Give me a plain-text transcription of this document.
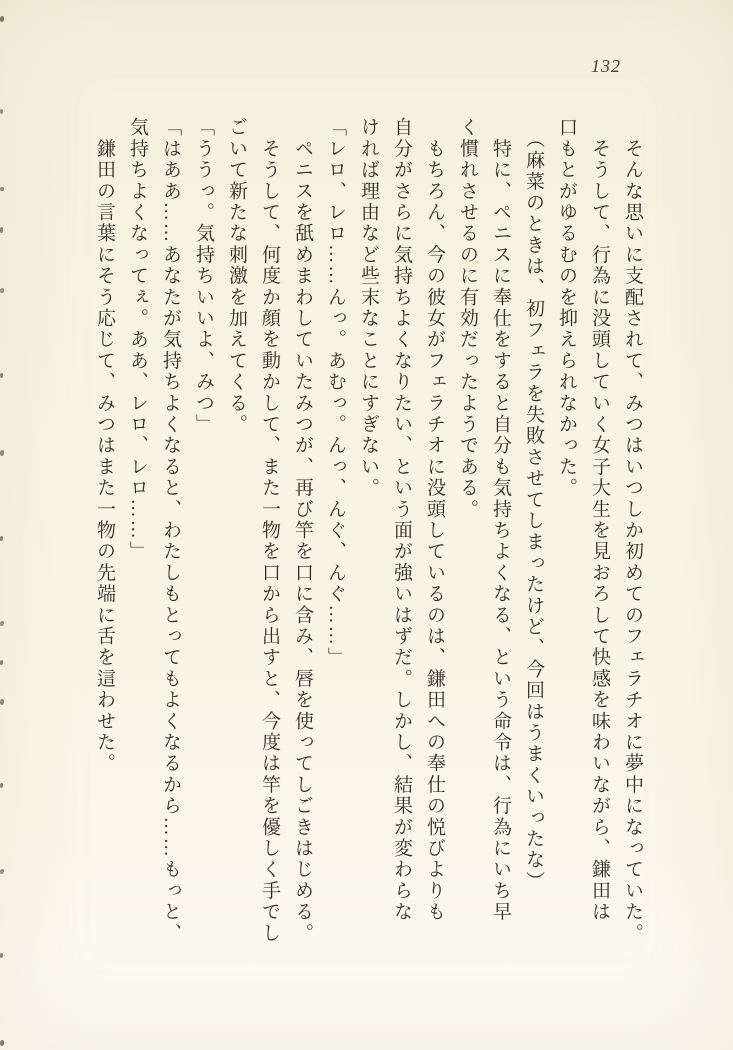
132

　そんな思いに支配されて、みつはいつしか初めてのフェラチオに夢中になっていた。

　そうして、行為に没頭していく女子大生を見おろして快感を味わいながら、鎌田は

口もとがゆるむのを抑えられなかった。

　（麻菜のときは、初フェラを失敗させてしまったけど、今回はうまくいったな）

　特に、ペニスに奉仕をすると自分も気持ちよくなる、という命令は、行為にいち早

く慣れさせるのに有効だったようである。

　もちろん、今の彼女がフェラチオに没頭しているのは、鎌田への奉仕の悦びよりも

自分がさらに気持ちよくなりたい、という面が強いはずだ。しかし、結果が変わらな

ければ理由など些末なことにすぎない。

「レロ、レロ……んっ。あむっ。んっ、んぐ、んぐ……」

　ペニスを舐めまわしていたみつが、再び竿を口に含み、唇を使ってしごきはじめる。

　そうして、何度か顔を動かして、また一物を口から出すと、今度は竿を優しく手でし

ごいて新たな刺激を加えてくる。

「ううっ。気持ちいいよ、みつ」

「はああ……あなたが気持ちよくなると、わたしもとってもよくなるから……もっと、

気持ちよくなってぇ。ああ、レロ、レロ……」

　鎌田の言葉にそう応じて、みつはまた一物の先端に舌を這わせた。
